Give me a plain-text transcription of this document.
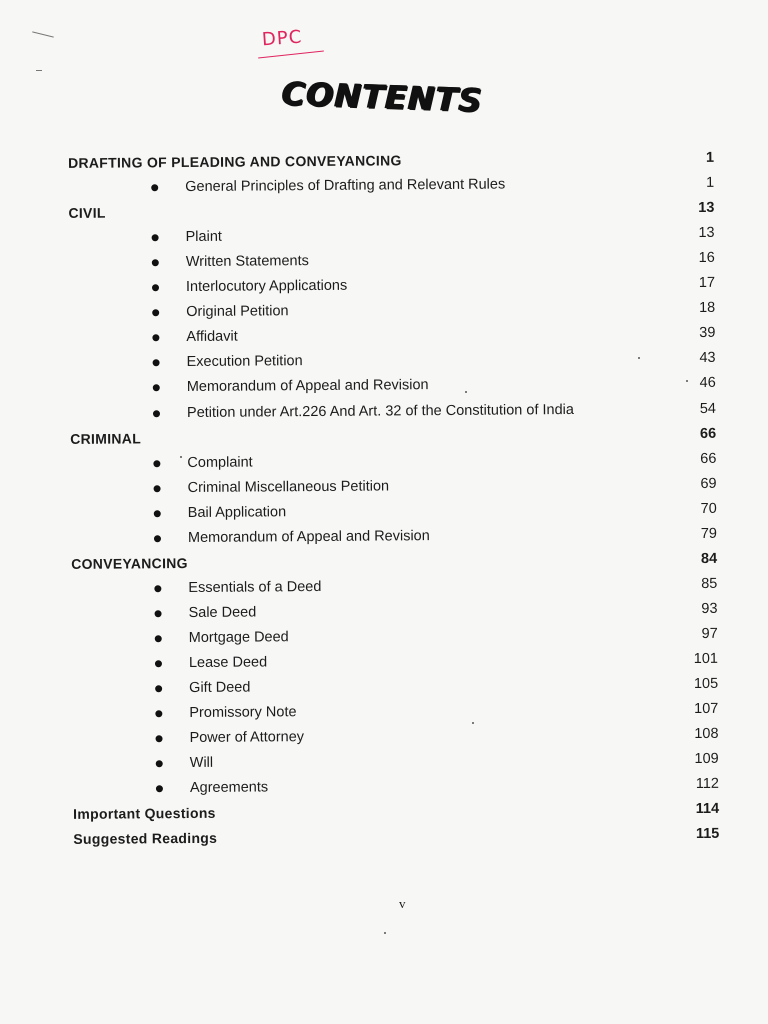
DPC
CONTENTS
DRAFTING OF PLEADING AND CONVEYANCING	1
General Principles of Drafting and Relevant Rules	1
CIVIL	13
Plaint	13
Written Statements	16
Interlocutory Applications	17
Original Petition	18
Affidavit	39
Execution Petition	43
Memorandum of Appeal and Revision	46
Petition under Art.226 And Art. 32 of the Constitution of India	54
CRIMINAL	66
Complaint	66
Criminal Miscellaneous Petition	69
Bail Application	70
Memorandum of Appeal and Revision	79
CONVEYANCING	84
Essentials of a Deed	85
Sale Deed	93
Mortgage Deed	97
Lease Deed	101
Gift Deed	105
Promissory Note	107
Power of Attorney	108
Will	109
Agreements	112
Important Questions	114
Suggested Readings	115
v
